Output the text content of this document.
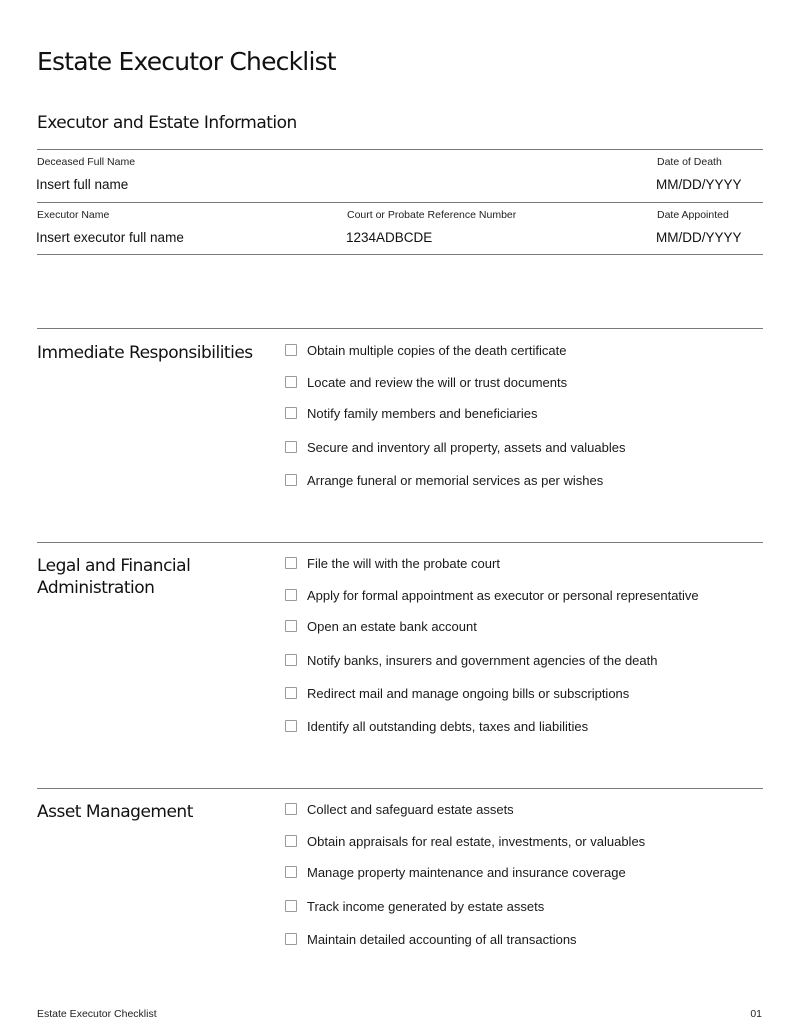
Estate Executor Checklist
Executor and Estate Information
Deceased Full Name
Insert full name
Date of Death
MM/DD/YYYY
Executor Name
Insert executor full name
Court or Probate Reference Number
1234ADBCDE
Date Appointed
MM/DD/YYYY
Immediate Responsibilities	Obtain multiple copies of the death certificate
Locate and review the will or trust documents
Notify family members and beneficiaries
Secure and inventory all property, assets and valuables
Arrange funeral or memorial services as per wishes
Legal and Financial Administration
File the will with the probate court
Apply for formal appointment as executor or personal representative
Open an estate bank account
Notify banks, insurers and government agencies of the death
Redirect mail and manage ongoing bills or subscriptions
Identify all outstanding debts, taxes and liabilities
Asset Management	Collect and safeguard estate assets
Obtain appraisals for real estate, investments, or valuables
Manage property maintenance and insurance coverage
Track income generated by estate assets
Maintain detailed accounting of all transactions
Estate Executor Checklist	01
